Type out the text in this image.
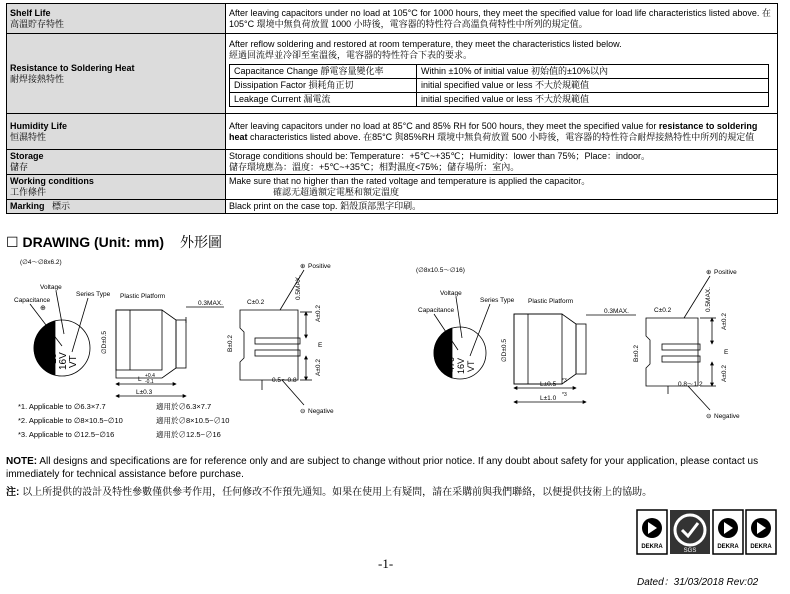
Shelf Life
高溫貯存特性
	After leaving capacitors under no load at 105°C for 1000 hours, they meet the specified value for load life characteristics listed above. 在 105°C 環境中無負荷放置 1000 小時後，電容器的特性符合高溫負荷特性中所列的規定值。
Resistance to Soldering Heat
耐焊接熱特性

After reflow soldering and restored at room temperature, they meet the characteristics listed below.
經過回流焊並冷卻至室溫後，電容器的特性符合下表的要求。
Capacitance Change 靜電容量變化率	Within ±10% of initial value 初始值的±10%以內
Dissipation Factor 損耗角正切	initial specified value or less 不大於規範值
Leakage Current 漏電流	initial specified value or less 不大於規範值

Humidity Life
恒濕特性
	After leaving capacitors under no load at 85°C and 85% RH for 500 hours, they meet the specified value for resistance to soldering heat characteristics listed above. 在85°C 與85%RH 環境中無負荷放置 500 小時後，電容器的特性符合耐焊接熱特性中所列的規定值
Storage
儲存

Storage conditions should be: Temperature：+5℃~+35℃；Humidity：lower than 75%；Place：indoor。
儲存環境應為：溫度：+5℃~+35℃；相對濕度<75%；儲存場所：室內。

Working conditions
工作條件

Make sure that no higher than the rated voltage and temperature is applied the capacitor。
確認无超過額定電壓和額定溫度

Marking 標示	Black print on the case top. 鋁殼頂部黑字印刷。
☐ DRAWING (Unit: mm) 外形圖
(∅4～∅8x6.2)
⊕
10 16V VT
Voltage
Capacitance
Series Type Plastic Platform
0.3MAX.
∅D±0.5
L +0.4
-0.1
L±0.3
C±0.2
B±0.2
A±0.2
A±0.2
E
0.5MAX.
⊕ Positive
⊖ Negative
0.5～0.8
*1. Applicable to ∅6.3×7.7	適用於∅6.3×7.7
*2. Applicable to ∅8×10.5~∅10	適用於∅8×10.5~∅10
*3. Applicable to ∅12.5~∅16	適用於∅12.5~∅16
(∅8x10.5～∅16)
470 16V VT
Voltage
Capacitance
Series Type Plastic Platform
0.3MAX.
∅D±0.5
L±0.5 *3
L±1.0 *3
C±0.2
B±0.2
A±0.2
A±0.2
E
0.5MAX.
⊕ Positive
⊖ Negative
0.8～1.2
NOTE: All designs and specifications are for reference only and are subject to change without prior notice. If any doubt about safety for your application, please contact us immediately for technical assistance before purchase.
注: 以上所提供的設計及特性參數僅供參考作用，任何修改不作預先通知。如果在使用上有疑問，請在采購前與我們聯絡，以便提供技術上的協助。
DEKRA
SGS
DEKRA DEKRA
-1-
Dated：31/03/2018 Rev:02
